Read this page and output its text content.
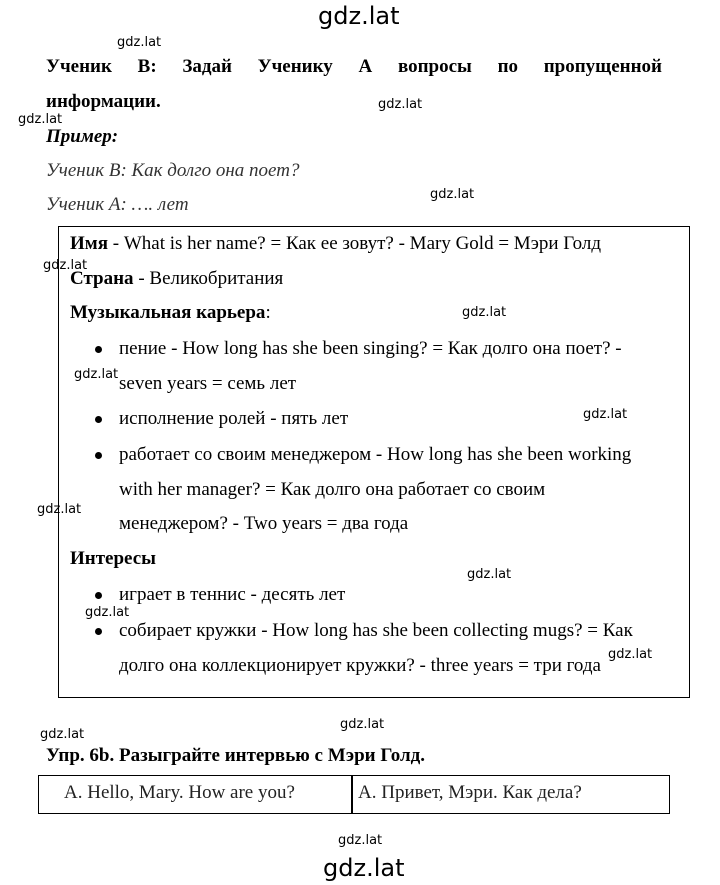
gdz.lat
gdz.lat
gdz.lat
gdz.lat
gdz.lat
gdz.lat
gdz.lat
gdz.lat
gdz.lat
gdz.lat
gdz.lat
gdz.lat
gdz.lat
gdz.lat
gdz.lat
gdz.lat
gdz.lat
Ученик В: Задай Ученику А вопросы по пропущенной
информации.
Пример:
Ученик В: Как долго она поет?
Ученик А: …. лет
Имя - What is her name? = Как ее зовут? - Mary Gold = Мэри Голд
Страна - Великобритания
Музыкальная карьера:
пение - How long has she been singing? = Как долго она поет? -
seven years = семь лет
исполнение ролей - пять лет
работает со своим менеджером - How long has she been working
with her manager? = Как долго она работает со своим
менеджером? - Two years = два года
Интересы
играет в теннис - десять лет
собирает кружки - How long has she been collecting mugs? = Как
долго она коллекционирует кружки? - three years = три года
Упр. 6b. Разыграйте интервью с Мэри Голд.
A. Hello, Mary. How are you?	А. Привет, Мэри. Как дела?
